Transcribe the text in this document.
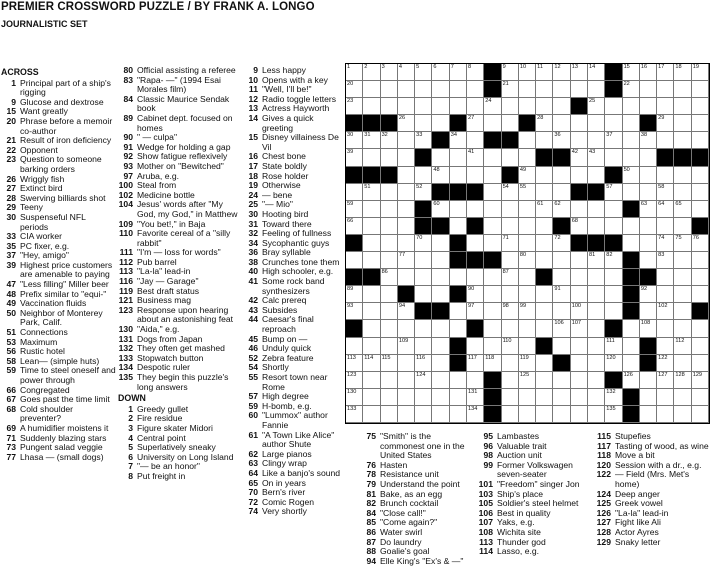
PREMIER CROSSWORD PUZZLE / BY FRANK A. LONGO
JOURNALISTIC SET
ACROSS
1 Principal part of a ship's rigging
9 Glucose and dextrose
15 Want greatly
20 Phrase before a memoir co-author
21 Result of iron deficiency
22 Opponent
23 Question to someone barking orders
26 Wriggly fish
27 Extinct bird
28 Swerving billiards shot
29 Teeny
30 Suspenseful NFL periods
33 CIA worker
35 PC fixer, e.g.
37 "Hey, amigo"
39 Highest price customers are amenable to paying
47 "Less filling" Miller beer
48 Prefix similar to "equi-"
49 Vaccination fluids
50 Neighbor of Monterey Park, Calif.
51 Connections
53 Maximum
56 Rustic hotel
58 Lean— (simple huts)
59 Time to steel oneself and power through
66 Congregated
67 Goes past the time limit
68 Cold shoulder preventer?
69 A humidifier moistens it
71 Suddenly blazing stars
73 Pungent salad veggie
77 Lhasa — (small dogs)
80 Official assisting a referee
83 "Rapa- —" (1994 Esai Morales film)
84 Classic Maurice Sendak book
89 Cabinet dept. focused on homes
90 " — culpa"
91 Wedge for holding a gap
92 Show fatigue reflexively
93 Mother on "Bewitched"
97 Aruba, e.g.
100 Steal from
102 Medicine bottle
104 Jesus' words after "My God, my God," in Matthew
109 "You bet!," in Baja
110 Favorite cereal of a "silly rabbit"
111 "I'm — loss for words"
112 Pub barrel
113 "La-la" lead-in
116 "Jay — Garage"
119 Best draft status
121 Business mag
123 Response upon hearing about an astonishing feat
130 "Aida," e.g.
131 Dogs from Japan
132 They often get mashed
133 Stopwatch button
134 Despotic ruler
135 They begin this puzzle's long answers
DOWN
1 Greedy gullet
2 Fire residue
3 Figure skater Midori
4 Central point
5 Superlatively sneaky
6 University on Long Island
7 "— be an honor"
8 Put freight in
9 Less happy
10 Opens with a key
11 "Well, I'll be!"
12 Radio toggle letters
13 Actress Hayworth
14 Gives a quick greeting
15 Disney villainess De Vil
16 Chest bone
17 State boldly
18 Rose holder
19 Otherwise
24 — bene
25 "— Mio"
30 Hooting bird
31 Toward there
32 Feeling of fullness
34 Sycophantic guys
36 Bray syllable
38 Crunches tone them
40 High schooler, e.g.
41 Some rock band synthesizers
42 Calc prereq
43 Subsides
44 Caesar's final reproach
45 Bump on —
46 Unduly quick
52 Zebra feature
54 Shortly
55 Resort town near Rome
57 High degree
59 H-bomb, e.g.
60 "Lummox" author Fannie
61 "A Town Like Alice" author Shute
62 Large pianos
63 Clingy wrap
64 Like a banjo's sound
65 On in years
70 Bern's river
72 Comic Rogen
74 Very shortly
75 "Smith" is the commonest one in the United States
76 Hasten
78 Resistance unit
79 Understand the point
81 Bake, as an egg
82 Brunch cocktail
84 "Close call!"
85 "Come again?"
86 Water swirl
87 Do laundry
88 Goalie's goal
94 Elle King's "Ex's & —"
95 Lambastes
96 Valuable trait
98 Auction unit
99 Former Volkswagen seven-seater
101 "Freedom" singer Jon
103 Ship's place
105 Soldier's steel helmet
106 Best in quality
107 Yaks, e.g.
108 Wichita site
113 Thunder god
114 Lasso, e.g.
115 Stupefies
117 Tasting of wood, as wine
118 Move a bit
120 Session with a dr., e.g.
122 — Field (Mrs. Met's home)
124 Deep anger
125 Greek vowel
126 "La-la" lead-in
127 Fight like Ali
128 Actor Ayres
129 Snaky letter
1	2	3	4	5	6	7	8	9	10 11 12 13 14	15 16 17 18 19
20	21	22
23	24	25
26	27	28	29
30 31 32	33	34	36	37	38
39	41	42 43
48	49	50
51	52	54 55	57	58
59	60	61 62	63 64 65
66	68
70	71	72	74 75 76
77	80	81 82	83
86	87
89	90	91	92
93	94	97	98 99	100	102
106 107	108
109	110	111	112
113 114 115	116	117 118	119	120	122
123	124	125	126	127 128 129
130	131	132
133	134	135
